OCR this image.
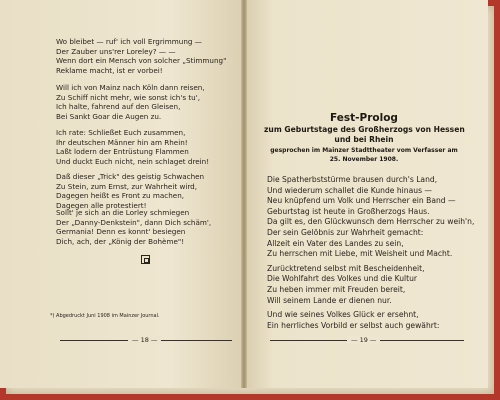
Wo bleibet — ruf' ich voll Ergrimmung —
Der Zauber uns'rer Loreley? — —
Wenn dort ein Mensch von solcher „Stimmung"
Reklame macht, ist er vorbei!
Will ich von Mainz nach Köln dann reisen,
Zu Schiff nicht mehr, wie sonst ich's tu',
Ich halte, fahrend auf den Gleisen,
Bei Sankt Goar die Augen zu.
Ich rate: Schließet Euch zusammen,
Ihr deutschen Männer hin am Rhein!
Laßt lodern der Entrüstung Flammen
Und duckt Euch nicht, nein schlaget drein!
Daß dieser „Trick" des geistig Schwachen
Zu Stein, zum Ernst, zur Wahrheit wird,
Dagegen heißt es Front zu machen,
Dagegen alle protestiert!
Sollt' je sich an die Lorley schmiegen
Der „Danny-Denkstein", dann Dich schäm',
Germania! Denn es konnt' besiegen
Dich, ach, der „König der Bohème"!
*) Abgedruckt Juni 1908 im Mainzer Journal.
— 18 —
Fest-Prolog
zum Geburtstage des Großherzogs von Hessen
und bei Rhein
gesprochen im Mainzer Stadttheater vom Verfasser am
25. November 1908.
Die Spatherbststürme brausen durch's Land,
Und wiederum schallet die Kunde hinaus —
Neu knüpfend um Volk und Herrscher ein Band —
Geburtstag ist heute in Großherzogs Haus.
Da gilt es, den Glückwunsch dem Herrscher zu weih'n,
Der sein Gelöbnis zur Wahrheit gemacht:
Allzeit ein Vater des Landes zu sein,
Zu herrschen mit Liebe, mit Weisheit und Macht.
Zurücktretend selbst mit Bescheidenheit,
Die Wohlfahrt des Volkes und die Kultur
Zu heben immer mit Freuden bereit,
Will seinem Lande er dienen nur.
Und wie seines Volkes Glück er ersehnt,
Ein herrliches Vorbild er selbst auch gewährt:
— 19 —
